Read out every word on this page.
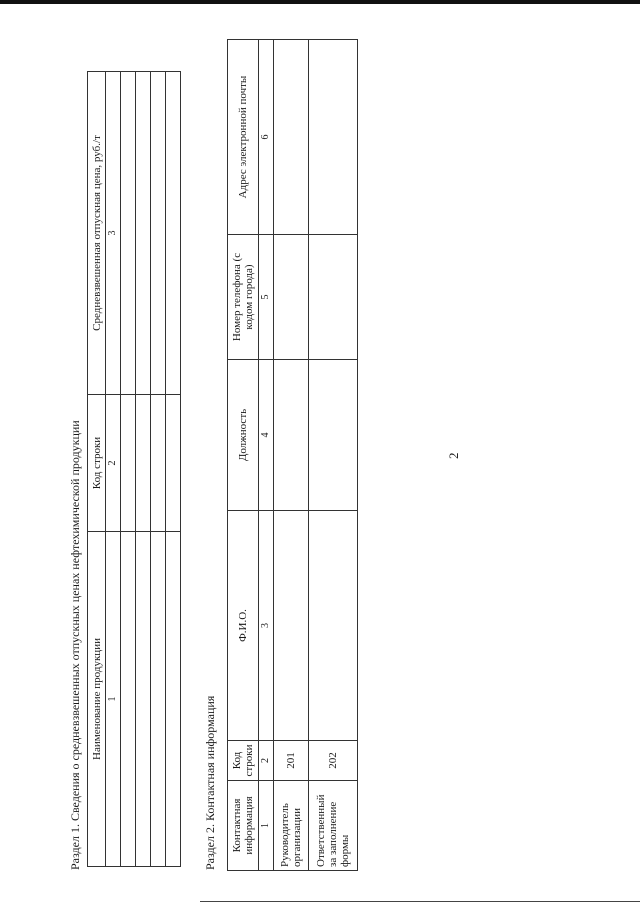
2
Раздел 1. Сведения о средневзвешенных отпускных ценах нефтехимической продукции Наименование продукции	Код строки	Средневзвешенная отпускная цена, руб./т
1	2	3

Раздел 2. Контактная информация Контактная информация	Код строки	Ф.И.О.	Должность	Номер телефона (с кодом города)	Адрес электронной почты
1	2	3	4	5	6
Руководитель организации	201				
Ответственный за заполнение формы	202				
